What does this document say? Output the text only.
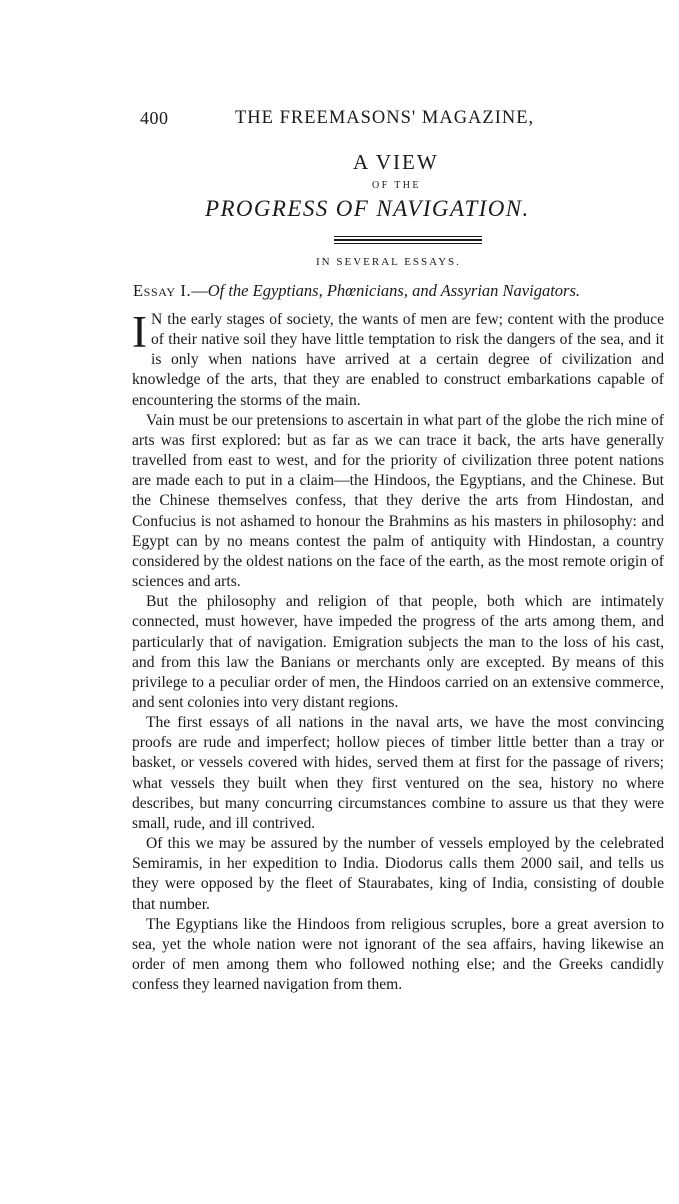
400	THE FREEMASONS' MAGAZINE,
A VIEW
OF THE
PROGRESS OF NAVIGATION.
IN SEVERAL ESSAYS.
Essay I.—Of the Egyptians, Phœnicians, and Assyrian Navigators.

I N the early stages of society, the wants of men are few; content with the produce of their native soil they have little temptation to risk the dangers of the sea, and it is only when nations have arrived at a certain degree of civilization and knowledge of the arts, that they are enabled to construct embarkations capable of encountering the storms of the main.

Vain must be our pretensions to ascertain in what part of the globe the rich mine of arts was first explored: but as far as we can trace it back, the arts have generally travelled from east to west, and for the priority of civilization three potent nations are made each to put in a claim—the Hindoos, the Egyptians, and the Chinese. But the Chinese themselves confess, that they derive the arts from Hindostan, and Confucius is not ashamed to honour the Brahmins as his masters in philosophy: and Egypt can by no means contest the palm of antiquity with Hindostan, a country considered by the oldest nations on the face of the earth, as the most remote origin of sciences and arts.

But the philosophy and religion of that people, both which are intimately connected, must however, have impeded the progress of the arts among them, and particularly that of navigation. Emigration subjects the man to the loss of his cast, and from this law the Banians or merchants only are excepted. By means of this privilege to a peculiar order of men, the Hindoos carried on an extensive commerce, and sent colonies into very distant regions.

The first essays of all nations in the naval arts, we have the most convincing proofs are rude and imperfect; hollow pieces of timber little better than a tray or basket, or vessels covered with hides, served them at first for the passage of rivers; what vessels they built when they first ventured on the sea, history no where describes, but many concurring circumstances combine to assure us that they were small, rude, and ill contrived.

Of this we may be assured by the number of vessels employed by the celebrated Semiramis, in her expedition to India. Diodorus calls them 2000 sail, and tells us they were opposed by the fleet of Staurabates, king of India, consisting of double that number.

The Egyptians like the Hindoos from religious scruples, bore a great aversion to sea, yet the whole nation were not ignorant of the sea affairs, having likewise an order of men among them who followed nothing else; and the Greeks candidly confess they learned navigation from them.
